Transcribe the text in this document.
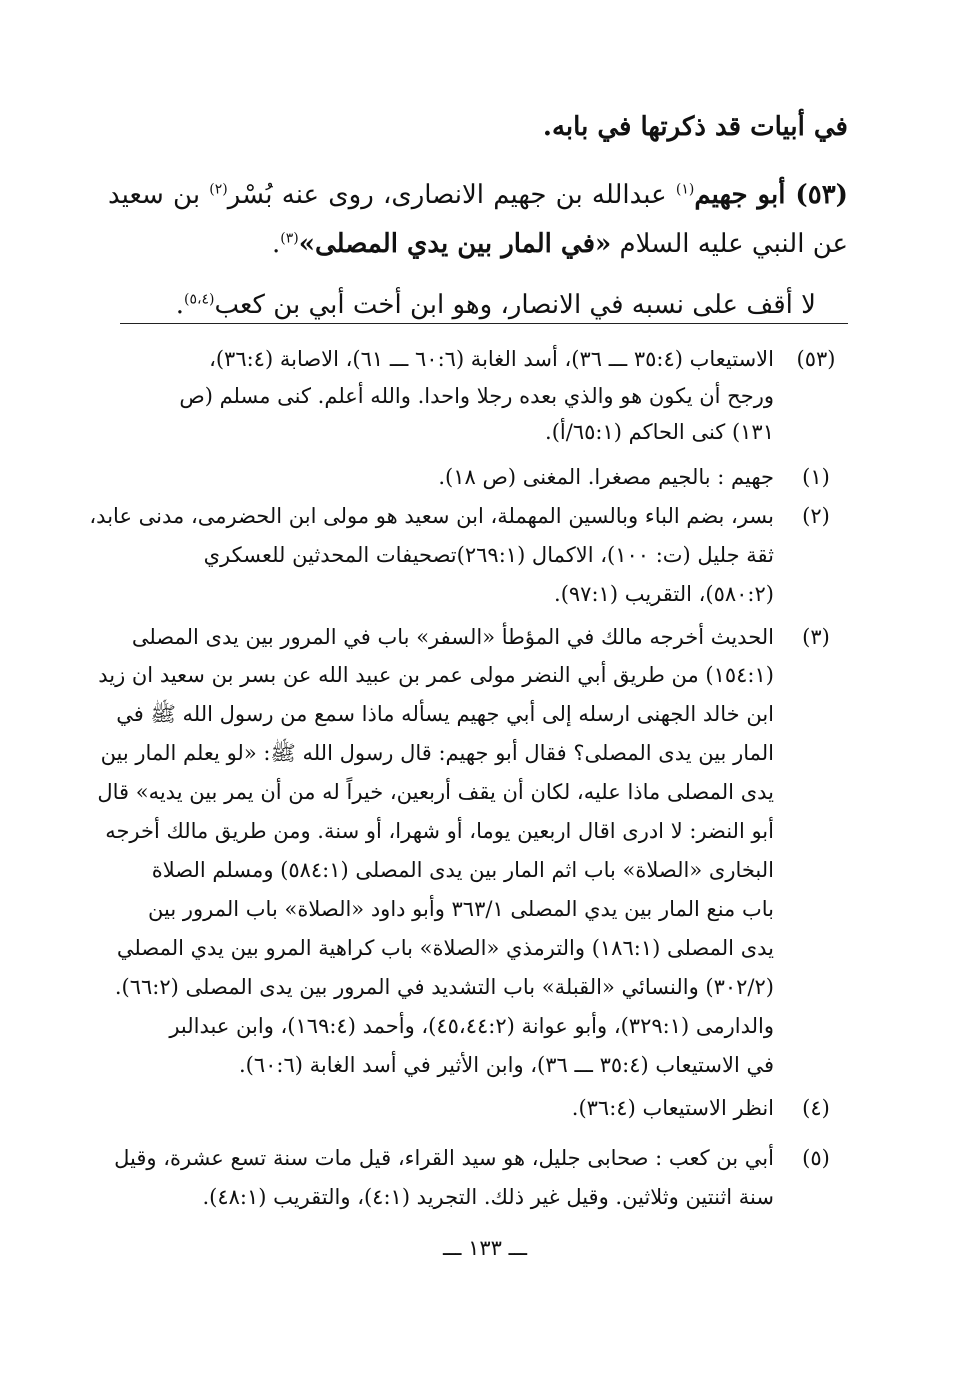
في أبيات قد ذكرتها في بابه.
(٥٣) أبو جهيم$^{(١)}$ عبدالله بن جهيم الانصارى، روى عنه بُسْر$^{(٢)}$ بن سعيد
عن النبي عليه السلام «في المار بين يدي المصلى»$^{(٣)}$.
لا أقف على نسبه في الانصار، وهو ابن أخت أبي بن كعب$^{(٥،٤)}$.
(٥٣)
الاستيعاب (٣٥:٤ ـــ ٣٦)، أسد الغابة (٦٠:٦ ـــ ٦١)، الاصابة (٣٦:٤)،
ورجح أن يكون هو والذي بعده رجلا واحدا. والله أعلم. كنى مسلم (ص
١٣١) كنى الحاكم (٦٥:١/أ).
(١)
جهيم : بالجيم مصغرا. المغنى (ص ١٨).
(٢)
بسر، بضم الباء وبالسين المهملة، ابن سعيد هو مولى ابن الحضرمى، مدنى عابد،
ثقة جليل (ت: ١٠٠)، الاكمال (٢٦٩:١)تصحيفات المحدثين للعسكري
(٥٨٠:٢)، التقريب (٩٧:١).
(٣)
الحديث أخرجه مالك في المؤطأ «السفر» باب في المرور بين يدى المصلى
(١٥٤:١) من طريق أبي النضر مولى عمر بن عبيد الله عن بسر بن سعيد ان زيد
ابن خالد الجهنى ارسله إلى أبي جهيم يسأله ماذا سمع من رسول الله ﷺ في
المار بين يدى المصلى؟ فقال أبو جهيم: قال رسول الله ﷺ: «لو يعلم المار بين
يدى المصلى ماذا عليه، لكان أن يقف أربعين، خيراً له من أن يمر بين يديه» قال
أبو النضر: لا ادرى اقال اربعين يوما، أو شهرا، أو سنة. ومن طريق مالك أخرجه
البخارى «الصلاة» باب اثم المار بين يدى المصلى (٥٨٤:١) ومسلم الصلاة
باب منع المار بين يدي المصلى ٣٦٣/١ وأبو داود «الصلاة» باب المرور بين
يدى المصلى (١٨٦:١) والترمذي «الصلاة» باب كراهية المرو بين يدي المصلي
(٣٠٢/٢) والنسائي «القبلة» باب التشديد في المرور بين يدى المصلى (٦٦:٢).
والدارمى (٣٢٩:١)، وأبو عوانة (٤٥،٤٤:٢)، وأحمد (١٦٩:٤)، وابن عبدالبر
في الاستيعاب (٣٥:٤ ـــ ٣٦)، وابن الأثير في أسد الغابة (٦٠:٦).
(٤)
انظر الاستيعاب (٣٦:٤).
(٥)
أبي بن كعب : صحابى جليل، هو سيد القراء، قيل مات سنة تسع عشرة، وقيل
سنة اثنتين وثلاثين. وقيل غير ذلك. التجريد (٤:١)، والتقريب (٤٨:١).
ـــ ١٣٣ ـــ
